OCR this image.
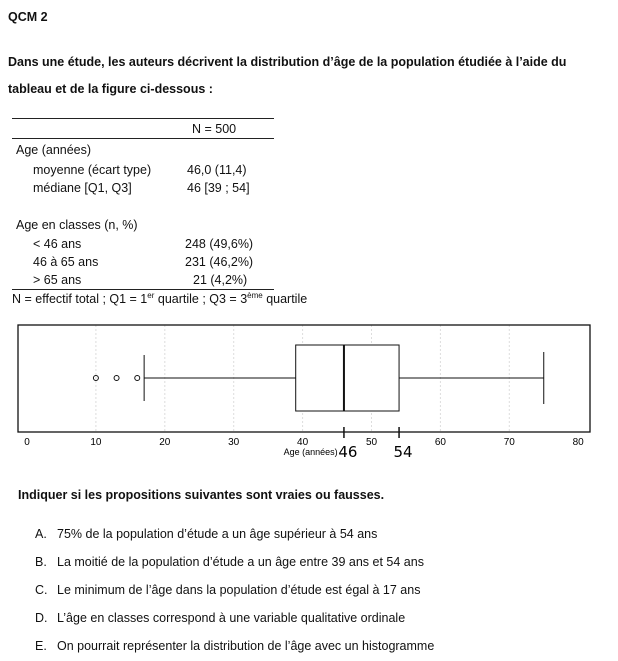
QCM 2
Dans une étude, les auteurs décrivent la distribution d’âge de la population étudiée à l’aide du
tableau et de la figure ci-dessous :
N = 500
Age (années)
moyenne (écart type)	46,0 (11,4)
médiane [Q1, Q3]	46 [39 ; 54]
Age en classes (n, %)
< 46 ans	248 (49,6%)
46 à 65 ans	231 (46,2%)
> 65 ans	21 (4,2%)
N = effectif total ; Q1 = 1er quartile ; Q3 = 3ème quartile
0	10	20	30	40	50	60	70	80
Age (années) 46 54
Indiquer si les propositions suivantes sont vraies ou fausses.
A. 75% de la population d’étude a un âge supérieur à 54 ans
B. La moitié de la population d’étude a un âge entre 39 ans et 54 ans
C. Le minimum de l’âge dans la population d’étude est égal à 17 ans
D. L’âge en classes correspond à une variable qualitative ordinale
E. On pourrait représenter la distribution de l’âge avec un histogramme
